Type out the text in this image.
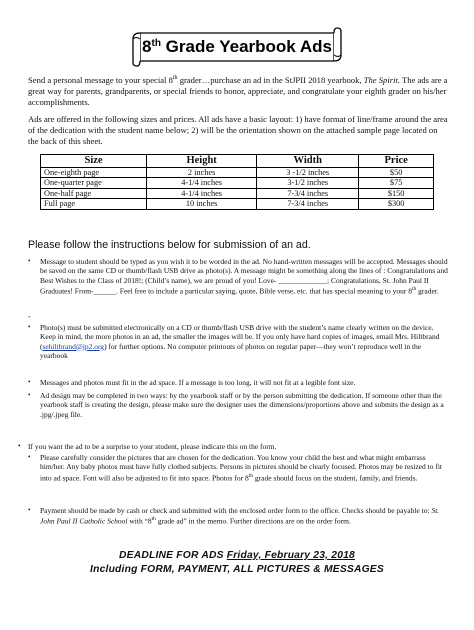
8th Grade Yearbook Ads
Send a personal message to your special 8th grader…purchase an ad in the StJPII 2018 yearbook, The Spirit. The ads are a great way for parents, grandparents, or special friends to honor, appreciate, and congratulate your eighth grader on his/her accomplishments.
Ads are offered in the following sizes and prices. All ads have a basic layout: 1) have format of line/frame around the area of the dedication with the student name below; 2) will be the orientation shown on the attached sample page located on the back of this sheet.
Size	Height	Width	Price
One-eighth page	2 inches	3 -1/2 inches	$50
One-quarter page	4-1/4 inches	3-1/2 inches	$75
One-half page	4-1/4 inches	7-3/4 inches	$150
Full page	10 inches	7-3/4 inches	$300
Please follow the instructions below for submission of an ad.
• Message to student should be typed as you wish it to be worded in the ad. No hand-written messages will be accepted. Messages should be saved on the same CD or thumb/flash USB drive as photo(s). A message might be something along the lines of : Congratulations and Best Wishes to the Class of 2018!; (Child’s name), we are proud of you! Love- _____________; Congratulations, St. John Paul II Graduates! From-______. Feel free to include a particular saying, quote, Bible verse, etc. that has special meaning to your 8th grader.
-
• Photo(s) must be submitted electronically on a CD or thumb/flash USB drive with the student’s name clearly written on the device. Keep in mind, the more photos in an ad, the smaller the images will be. If you only have hard copies of images, email Mrs. Hiltbrand (sehiltbrand@jp2.org) for further options. No computer printouts of photos on regular paper—they won’t reproduce well in the yearbook
• Messages and photos must fit in the ad space. If a message is too long, it will not fit at a legible font size.
• Ad design may be completed in two ways: by the yearbook staff or by the person submitting the dedication. If someone other than the yearbook staff is creating the design, please make sure the designer uses the dimensions/proportions above and submits the design as a .jpg/.jpeg file.
• If you want the ad to be a surprise to your student, please indicate this on the form.
• Please carefully consider the pictures that are chosen for the dedication. You know your child the best and what might embarrass him/her. Any baby photos must have fully clothed subjects. Persons in pictures should be clearly focused. Photos may be resized to fit into ad space. Font will also be adjusted to fit into space. Photos for 8th grade should focus on the student, family, and friends.
• Payment should be made by cash or check and submitted with the enclosed order form to the office. Checks should be payable to: St. John Paul II Catholic School with “8th grade ad” in the memo. Further directions are on the order form.
DEADLINE FOR ADS Friday, February 23, 2018
Including FORM, PAYMENT, ALL PICTURES & MESSAGES
